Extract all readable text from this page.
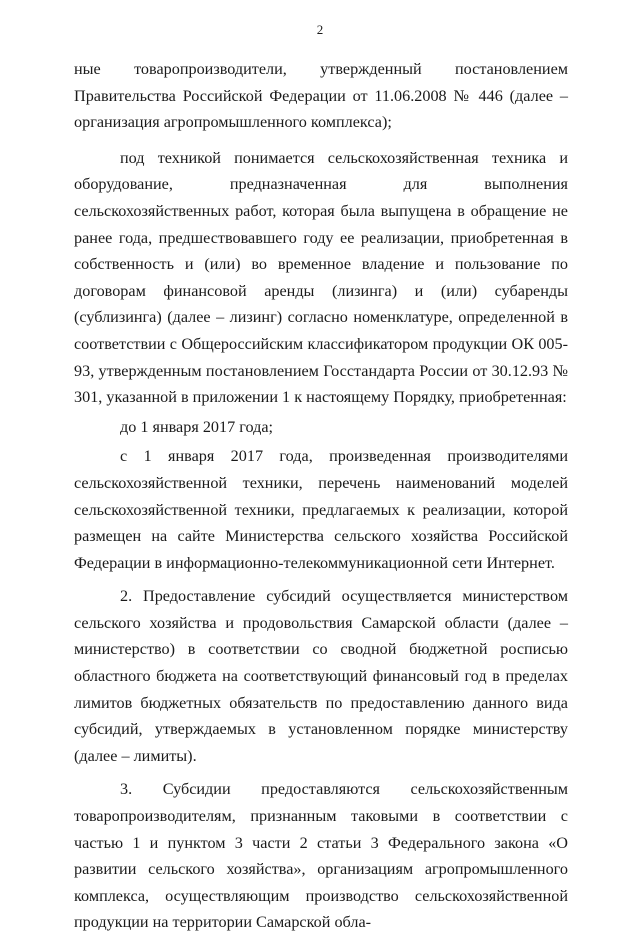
2

ные товаропроизводители, утвержденный постановлением Правительства Российской Федерации от 11.06.2008 № 446 (далее – организация агропромышленного комплекса);

под техникой понимается сельскохозяйственная техника и оборудование, предназначенная для выполнения сельскохозяйственных работ, которая была выпущена в обращение не ранее года, предшествовавшего году ее реализации, приобретенная в собственность и (или) во временное владение и пользование по договорам финансовой аренды (лизинга) и (или) субаренды (сублизинга) (далее – лизинг) согласно номенклатуре, определенной в соответствии с Общероссийским классификатором продукции ОК 005-93, утвержденным постановлением Госстандарта России от 30.12.93 № 301, указанной в приложении 1 к настоящему Порядку, приобретенная:

до 1 января 2017 года;

с 1 января 2017 года, произведенная производителями сельскохозяйственной техники, перечень наименований моделей сельскохозяйственной техники, предлагаемых к реализации, которой размещен на сайте Министерства сельского хозяйства Российской Федерации в информационно-телекоммуникационной сети Интернет.

2. Предоставление субсидий осуществляется министерством сельского хозяйства и продовольствия Самарской области (далее – министерство) в соответствии со сводной бюджетной росписью областного бюджета на соответствующий финансовый год в пределах лимитов бюджетных обязательств по предоставлению данного вида субсидий, утверждаемых в установленном порядке министерству (далее – лимиты).

3. Субсидии предоставляются сельскохозяйственным товаропроизводителям, признанным таковыми в соответствии с частью 1 и пунктом 3 части 2 статьи 3 Федерального закона «О развитии сельского хозяйства», организациям агропромышленного комплекса, осуществляющим производство сельскохозяйственной продукции на территории Самарской обла-
